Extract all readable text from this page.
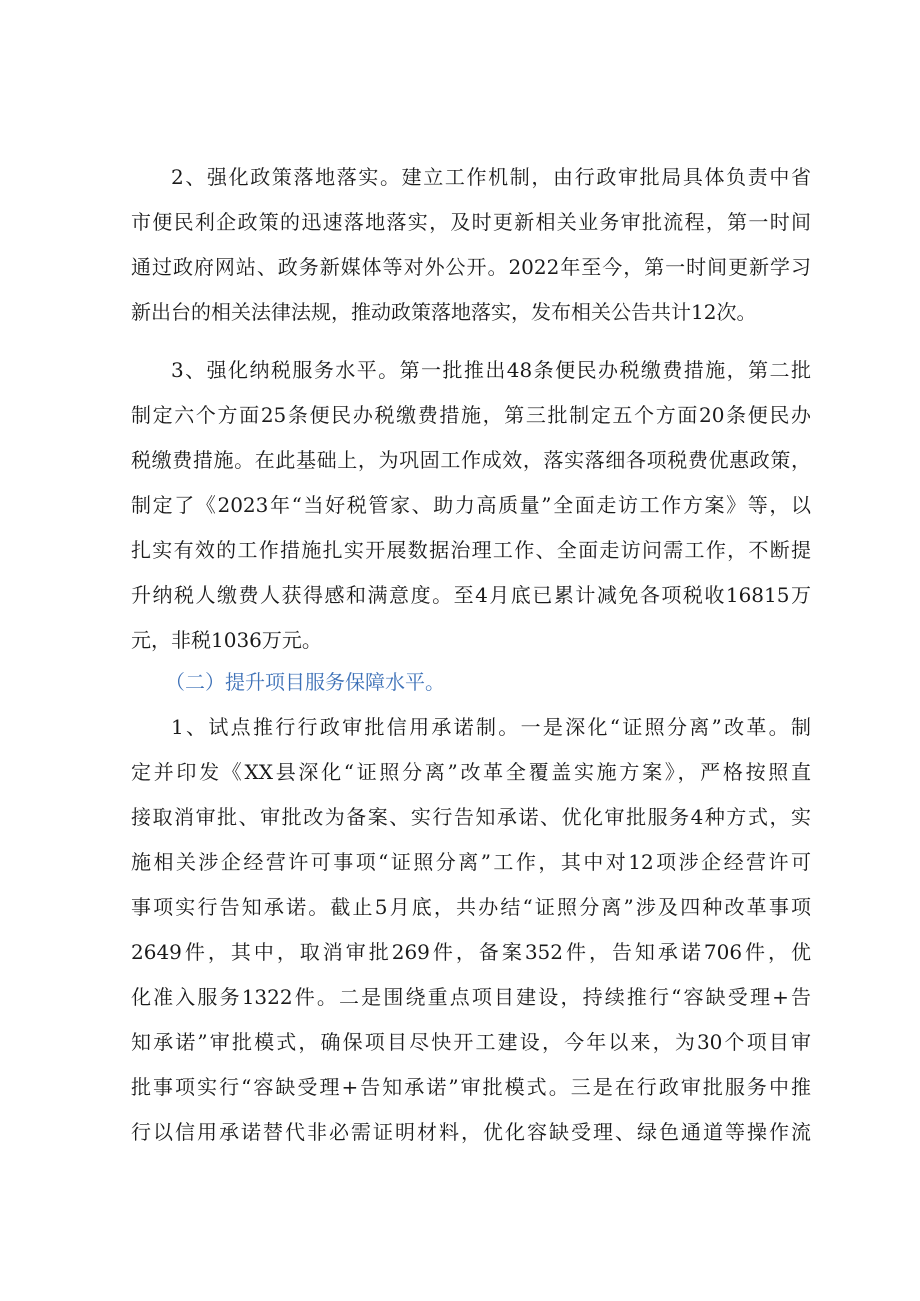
2、强化政策落地落实。建立工作机制，由行政审批局具体负责中省
市便民利企政策的迅速落地落实，及时更新相关业务审批流程，第一时间
通过政府网站、政务新媒体等对外公开。2022年至今，第一时间更新学习
新出台的相关法律法规，推动政策落地落实，发布相关公告共计12次。
3、强化纳税服务水平。第一批推出48条便民办税缴费措施，第二批
制定六个方面25条便民办税缴费措施，第三批制定五个方面20条便民办
税缴费措施。在此基础上，为巩固工作成效，落实落细各项税费优惠政策，
制定了《2023年“当好税管家、助力高质量”全面走访工作方案》等，以
扎实有效的工作措施扎实开展数据治理工作、全面走访问需工作，不断提
升纳税人缴费人获得感和满意度。至4月底已累计减免各项税收16815万
元，非税1036万元。
（二）提升项目服务保障水平。
1、试点推行行政审批信用承诺制。一是深化“证照分离”改革。制
定并印发《XX县深化“证照分离”改革全覆盖实施方案》，严格按照直
接取消审批、审批改为备案、实行告知承诺、优化审批服务4种方式，实
施相关涉企经营许可事项“证照分离”工作，其中对12项涉企经营许可
事项实行告知承诺。截止5月底，共办结“证照分离”涉及四种改革事项
2649件，其中，取消审批269件，备案352件，告知承诺706件，优
化准入服务1322件。二是围绕重点项目建设，持续推行“容缺受理+告
知承诺”审批模式，确保项目尽快开工建设，今年以来，为30个项目审
批事项实行“容缺受理+告知承诺”审批模式。三是在行政审批服务中推
行以信用承诺替代非必需证明材料，优化容缺受理、绿色通道等操作流
